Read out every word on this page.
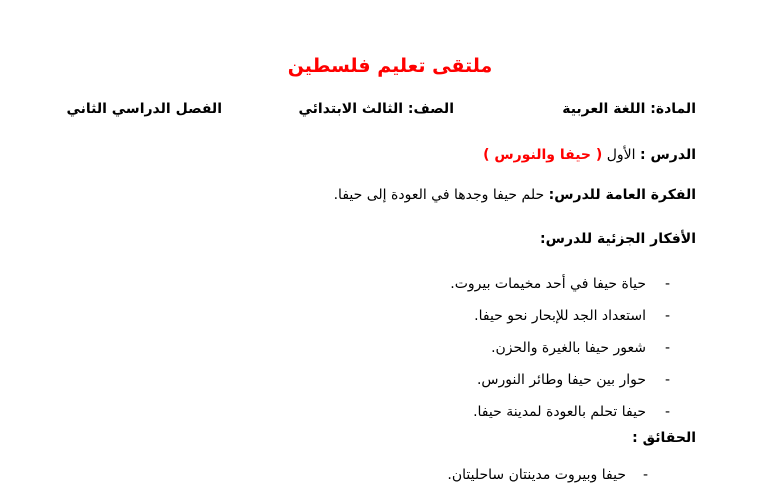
ملتقى تعليم فلسطين
المادة: اللغة العربية
الصف: الثالث الابتدائي
الفصل الدراسي الثاني
الدرس : الأول ( حيفا والنورس )
الفكرة العامة للدرس: حلم حيفا وجدها في العودة إلى حيفا.
الأفكار الجزئية للدرس:
-
حياة حيفا في أحد مخيمات بيروت.
-
استعداد الجد للإبحار نحو حيفا.
-
شعور حيفا بالغيرة والحزن.
-
حوار بين حيفا وطائر النورس.
-
حيفا تحلم بالعودة لمدينة حيفا.
الحقائق :
-حيفا وبيروت مدينتان ساحليتان.
